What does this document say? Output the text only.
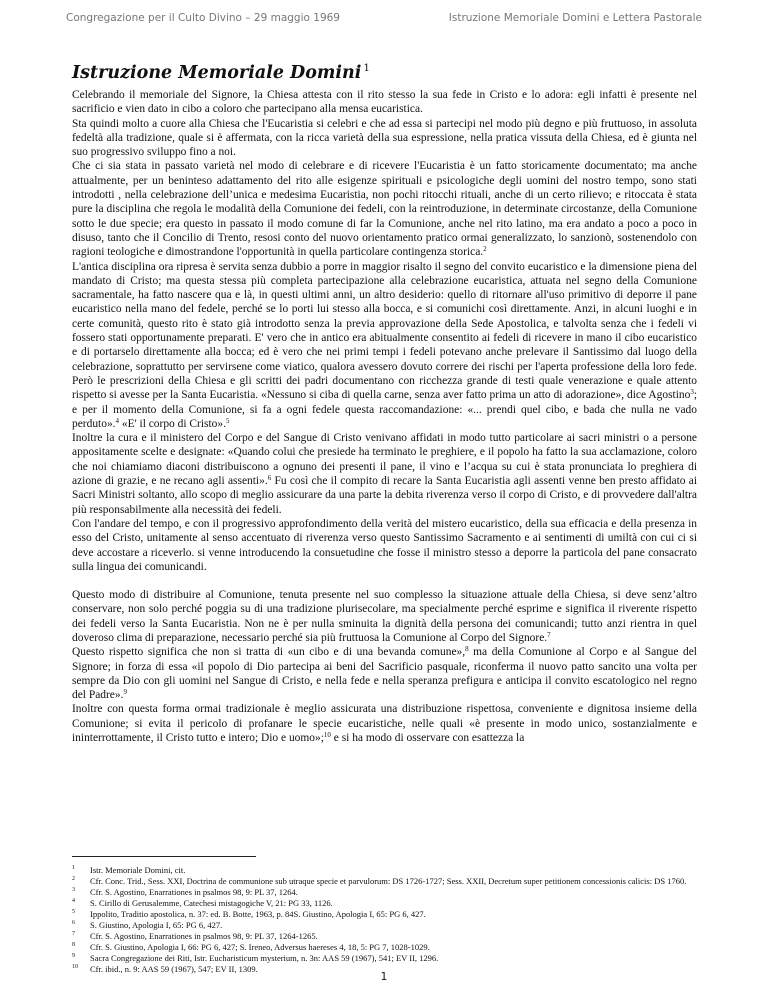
Congregazione per il Culto Divino – 29 maggio 1969	Istruzione Memoriale Domini e Lettera Pastorale
Istruzione Memoriale Domini $^1$

Celebrando il memoriale del Signore, la Chiesa attesta con il rito stesso la sua fede in Cristo e lo adora: egli infatti è presente nel sacrificio e vien dato in cibo a coloro che partecipano alla mensa eucaristica.

Sta quindi molto a cuore alla Chiesa che l'Eucaristia si celebri e che ad essa si partecipi nel modo più degno e più fruttuoso, in assoluta fedeltà alla tradizione, quale si è affermata, con la ricca varietà della sua espressione, nella pratica vissuta della Chiesa, ed è giunta nel suo progressivo sviluppo fino a noi.

Che ci sia stata in passato varietà nel modo di celebrare e di ricevere l'Eucaristia è un fatto storicamente documentato; ma anche attualmente, per un beninteso adattamento del rito alle esigenze spirituali e psicologiche degli uomini del nostro tempo, sono stati introdotti , nella celebrazione dell’unica e medesima Eucaristia, non pochi ritocchi rituali, anche di un certo rilievo; e ritoccata è stata pure la disciplina che regola le modalità della Comunione dei fedeli, con la reintroduzione, in determinate circostanze, della Comunione sotto le due specie; era questo in passato il modo comune di far la Comunione, anche nel rito latino, ma era andato a poco a poco in disuso, tanto che il Concilio di Trento, resosi conto del nuovo orientamento pratico ormai generalizzato, lo sanzionò, sostenendolo con ragioni teologiche e dimostrandone l'opportunità in quella particolare contingenza storica.$^2$

L'antica disciplina ora ripresa è servita senza dubbio a porre in maggior risalto il segno del convito eucaristico e la dimensione piena del mandato di Cristo; ma questa stessa più completa partecipazione alla celebrazione eucaristica, attuata nel segno della Comunione sacramentale, ha fatto nascere qua e là, in questi ultimi anni, un altro desiderio: quello di ritornare all'uso primitivo di deporre il pane eucaristico nella mano del fedele, perché se lo porti lui stesso alla bocca, e si comunichi così direttamente. Anzi, in alcuni luoghi e in certe comunità, questo rito è stato già introdotto senza la previa approvazione della Sede Apostolica, e talvolta senza che i fedeli vi fossero stati opportunamente preparati. E' vero che in antico era abitualmente consentito ai fedeli di ricevere in mano il cibo eucaristico e di portarselo direttamente alla bocca; ed è vero che nei primi tempi i fedeli potevano anche prelevare il Santissimo dal luogo della celebrazione, soprattutto per servirsene come viatico, qualora avessero dovuto correre dei rischi per l'aperta professione della loro fede. Però le prescrizioni della Chiesa e gli scritti dei padri documentano con ricchezza grande di testi quale venerazione e quale attento rispetto si avesse per la Santa Eucaristia. «Nessuno si ciba di quella carne, senza aver fatto prima un atto di adorazione», dice Agostino$^3$; e per il momento della Comunione, si fa a ogni fedele questa raccomandazione: «... prendi quel cibo, e bada che nulla ne vado perduto».$^4$ «E' il corpo di Cristo».$^5$

Inoltre la cura e il ministero del Corpo e del Sangue di Cristo venivano affidati in modo tutto particolare ai sacri ministri o a persone appositamente scelte e designate: «Quando colui che presiede ha terminato le preghiere, e il popolo ha fatto la sua acclamazione, coloro che noi chiamiamo diaconi distribuiscono a ognuno dei presenti il pane, il vino e l’acqua su cui è stata pronunciata lo preghiera di azione di grazie, e ne recano agli assenti».$^6$ Fu così che il compito di recare la Santa Eucaristia agli assenti venne ben presto affidato ai Sacri Ministri soltanto, allo scopo di meglio assicurare da una parte la debita riverenza verso il corpo di Cristo, e di provvedere dall'altra più responsabilmente alla necessità dei fedeli.

Con l'andare del tempo, e con il progressivo approfondimento della verità del mistero eucaristico, della sua efficacia e della presenza in esso del Cristo, unitamente al senso accentuato di riverenza verso questo Santissimo Sacramento e ai sentimenti di umiltà con cui ci si deve accostare a riceverlo. si venne introducendo la consuetudine che fosse il ministro stesso a deporre la particola del pane consacrato sulla lingua dei comunicandi.

Questo modo di distribuire al Comunione, tenuta presente nel suo complesso la situazione attuale della Chiesa, si deve senz’altro conservare, non solo perché poggia su di una tradizione plurisecolare, ma specialmente perché esprime e significa il riverente rispetto dei fedeli verso la Santa Eucaristia. Non ne è per nulla sminuita la dignità della persona dei comunicandi; tutto anzi rientra in quel doveroso clima di preparazione, necessario perché sia più fruttuosa la Comunione al Corpo del Signore.$^7$

Questo rispetto significa che non si tratta di «un cibo e di una bevanda comune»,$^8$ ma della Comunione al Corpo e al Sangue del Signore; in forza di essa «il popolo di Dio partecipa ai beni del Sacrificio pasquale, riconferma il nuovo patto sancito una volta per sempre da Dio con gli uomini nel Sangue di Cristo, e nella fede e nella speranza prefigura e anticipa il convito escatologico nel regno del Padre».$^9$

Inoltre con questa forma ormai tradizionale è meglio assicurata una distribuzione rispettosa, conveniente e dignitosa insieme della Comunione; si evita il pericolo di profanare le specie eucaristiche, nelle quali «è presente in modo unico, sostanzialmente e ininterrottamente, il Cristo tutto e intero; Dio e uomo»;$^{10}$ e si ha modo di osservare con esattezza la

1 Istr. Memoriale Domini, cit.
2 Cfr. Conc. Trid., Sess. XXI, Doctrina de communione sub utraque specie et parvulorum: DS 1726-1727; Sess. XXII, Decretum super petitionem concessionis calicis: DS 1760.
3 Cfr. S. Agostino, Enarrationes in psalmos 98, 9: PL 37, 1264.
4 S. Cirillo di Gerusalemme, Catechesi mistagogiche V, 21: PG 33, 1126.
5 Ippolito, Traditio apostolica, n. 37: ed. B. Botte, 1963, p. 84S. Giustino, Apologia I, 65: PG 6, 427.
6 S. Giustino, Apologia I, 65: PG 6, 427.
7 Cfr. S. Agostino, Enarrationes in psalmos 98, 9: PL 37, 1264-1265.
8 Cfr. S. Giustino, Apologia I, 66: PG 6, 427; S. Ireneo, Adversus haereses 4, 18, 5: PG 7, 1028-1029.
9 Sacra Congregazione dei Riti, Istr. Eucharisticum mysterium, n. 3n: AAS 59 (1967), 541; EV II, 1296.
10 Cfr. ibid., n. 9: AAS 59 (1967), 547; EV II, 1309.
1
